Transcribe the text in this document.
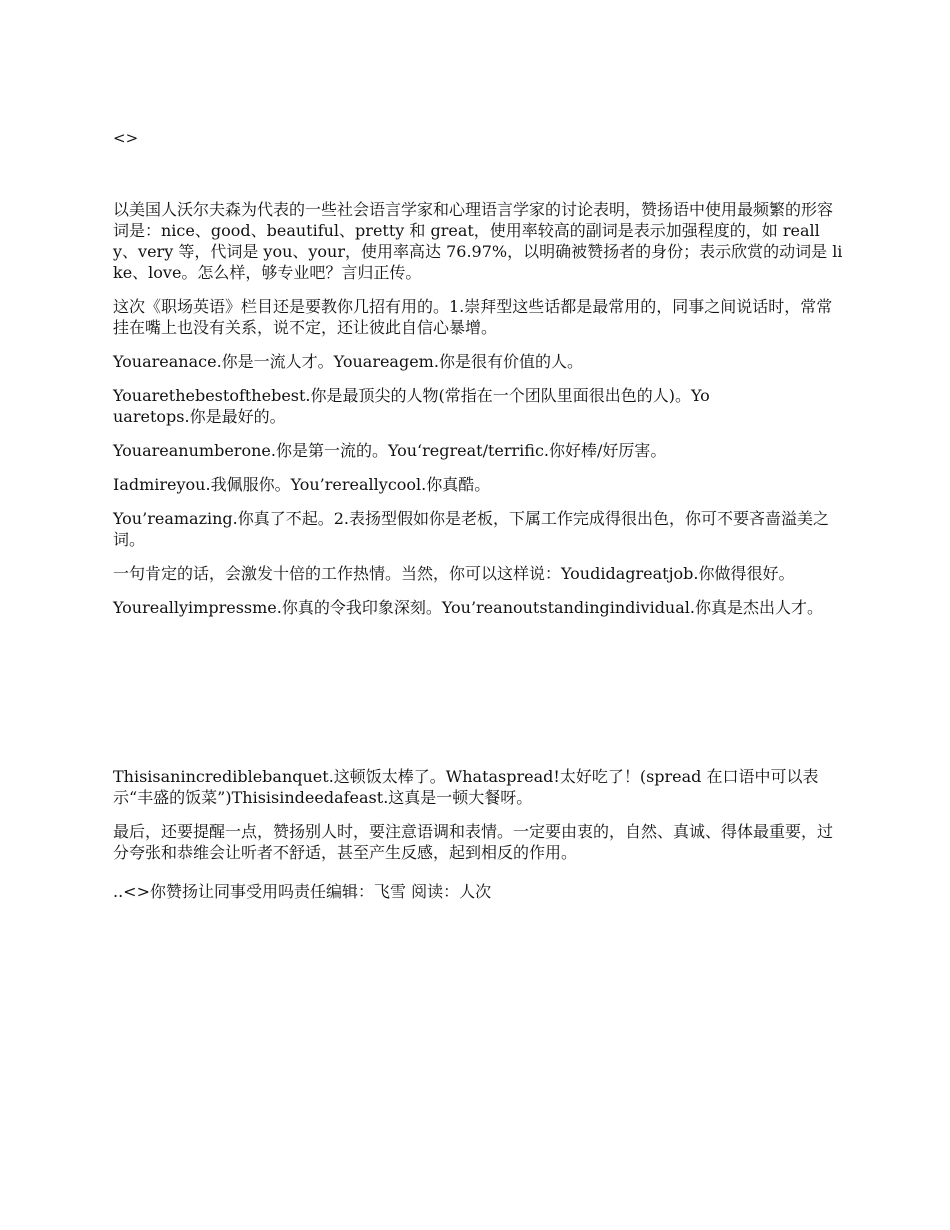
<>

以美国人沃尔夫森为代表的一些社会语言学家和心理语言学家的讨论表明，赞扬语中使用最频繁的形容词是：nice、good、beautiful、pretty 和 great，使用率较高的副词是表示加强程度的，如 really、very 等，代词是 you、your，使用率高达 76.97%，以明确被赞扬者的身份；表示欣赏的动词是 like、love。怎么样，够专业吧？言归正传。

这次《职场英语》栏目还是要教你几招有用的。1.崇拜型这些话都是最常用的，同事之间说话时，常常挂在嘴上也没有关系，说不定，还让彼此自信心暴增。

Youareanace.你是一流人才。Youareagem.你是很有价值的人。

Youarethebestofthebest.你是最顶尖的人物(常指在一个团队里面很出色的人)。Youaretops.你是最好的。

Youareanumberone.你是第一流的。You‘regreat/terrific.你好棒/好厉害。

Iadmireyou.我佩服你。You’rereallycool.你真酷。

You’reamazing.你真了不起。2.表扬型假如你是老板，下属工作完成得很出色，你可不要吝啬溢美之词。

一句肯定的话，会激发十倍的工作热情。当然，你可以这样说：Youdidagreatjob.你做得很好。

Youreallyimpressme.你真的令我印象深刻。You’reanoutstandingindividual.你真是杰出人才。

Thisisanincrediblebanquet.这顿饭太棒了。Whataspread!太好吃了！(spread 在口语中可以表示“丰盛的饭菜”)Thisisindeedafeast.这真是一顿大餐呀。

最后，还要提醒一点，赞扬别人时，要注意语调和表情。一定要由衷的，自然、真诚、得体最重要，过分夸张和恭维会让听者不舒适，甚至产生反感，起到相反的作用。

..<>你赞扬让同事受用吗责任编辑：飞雪 阅读：人次
